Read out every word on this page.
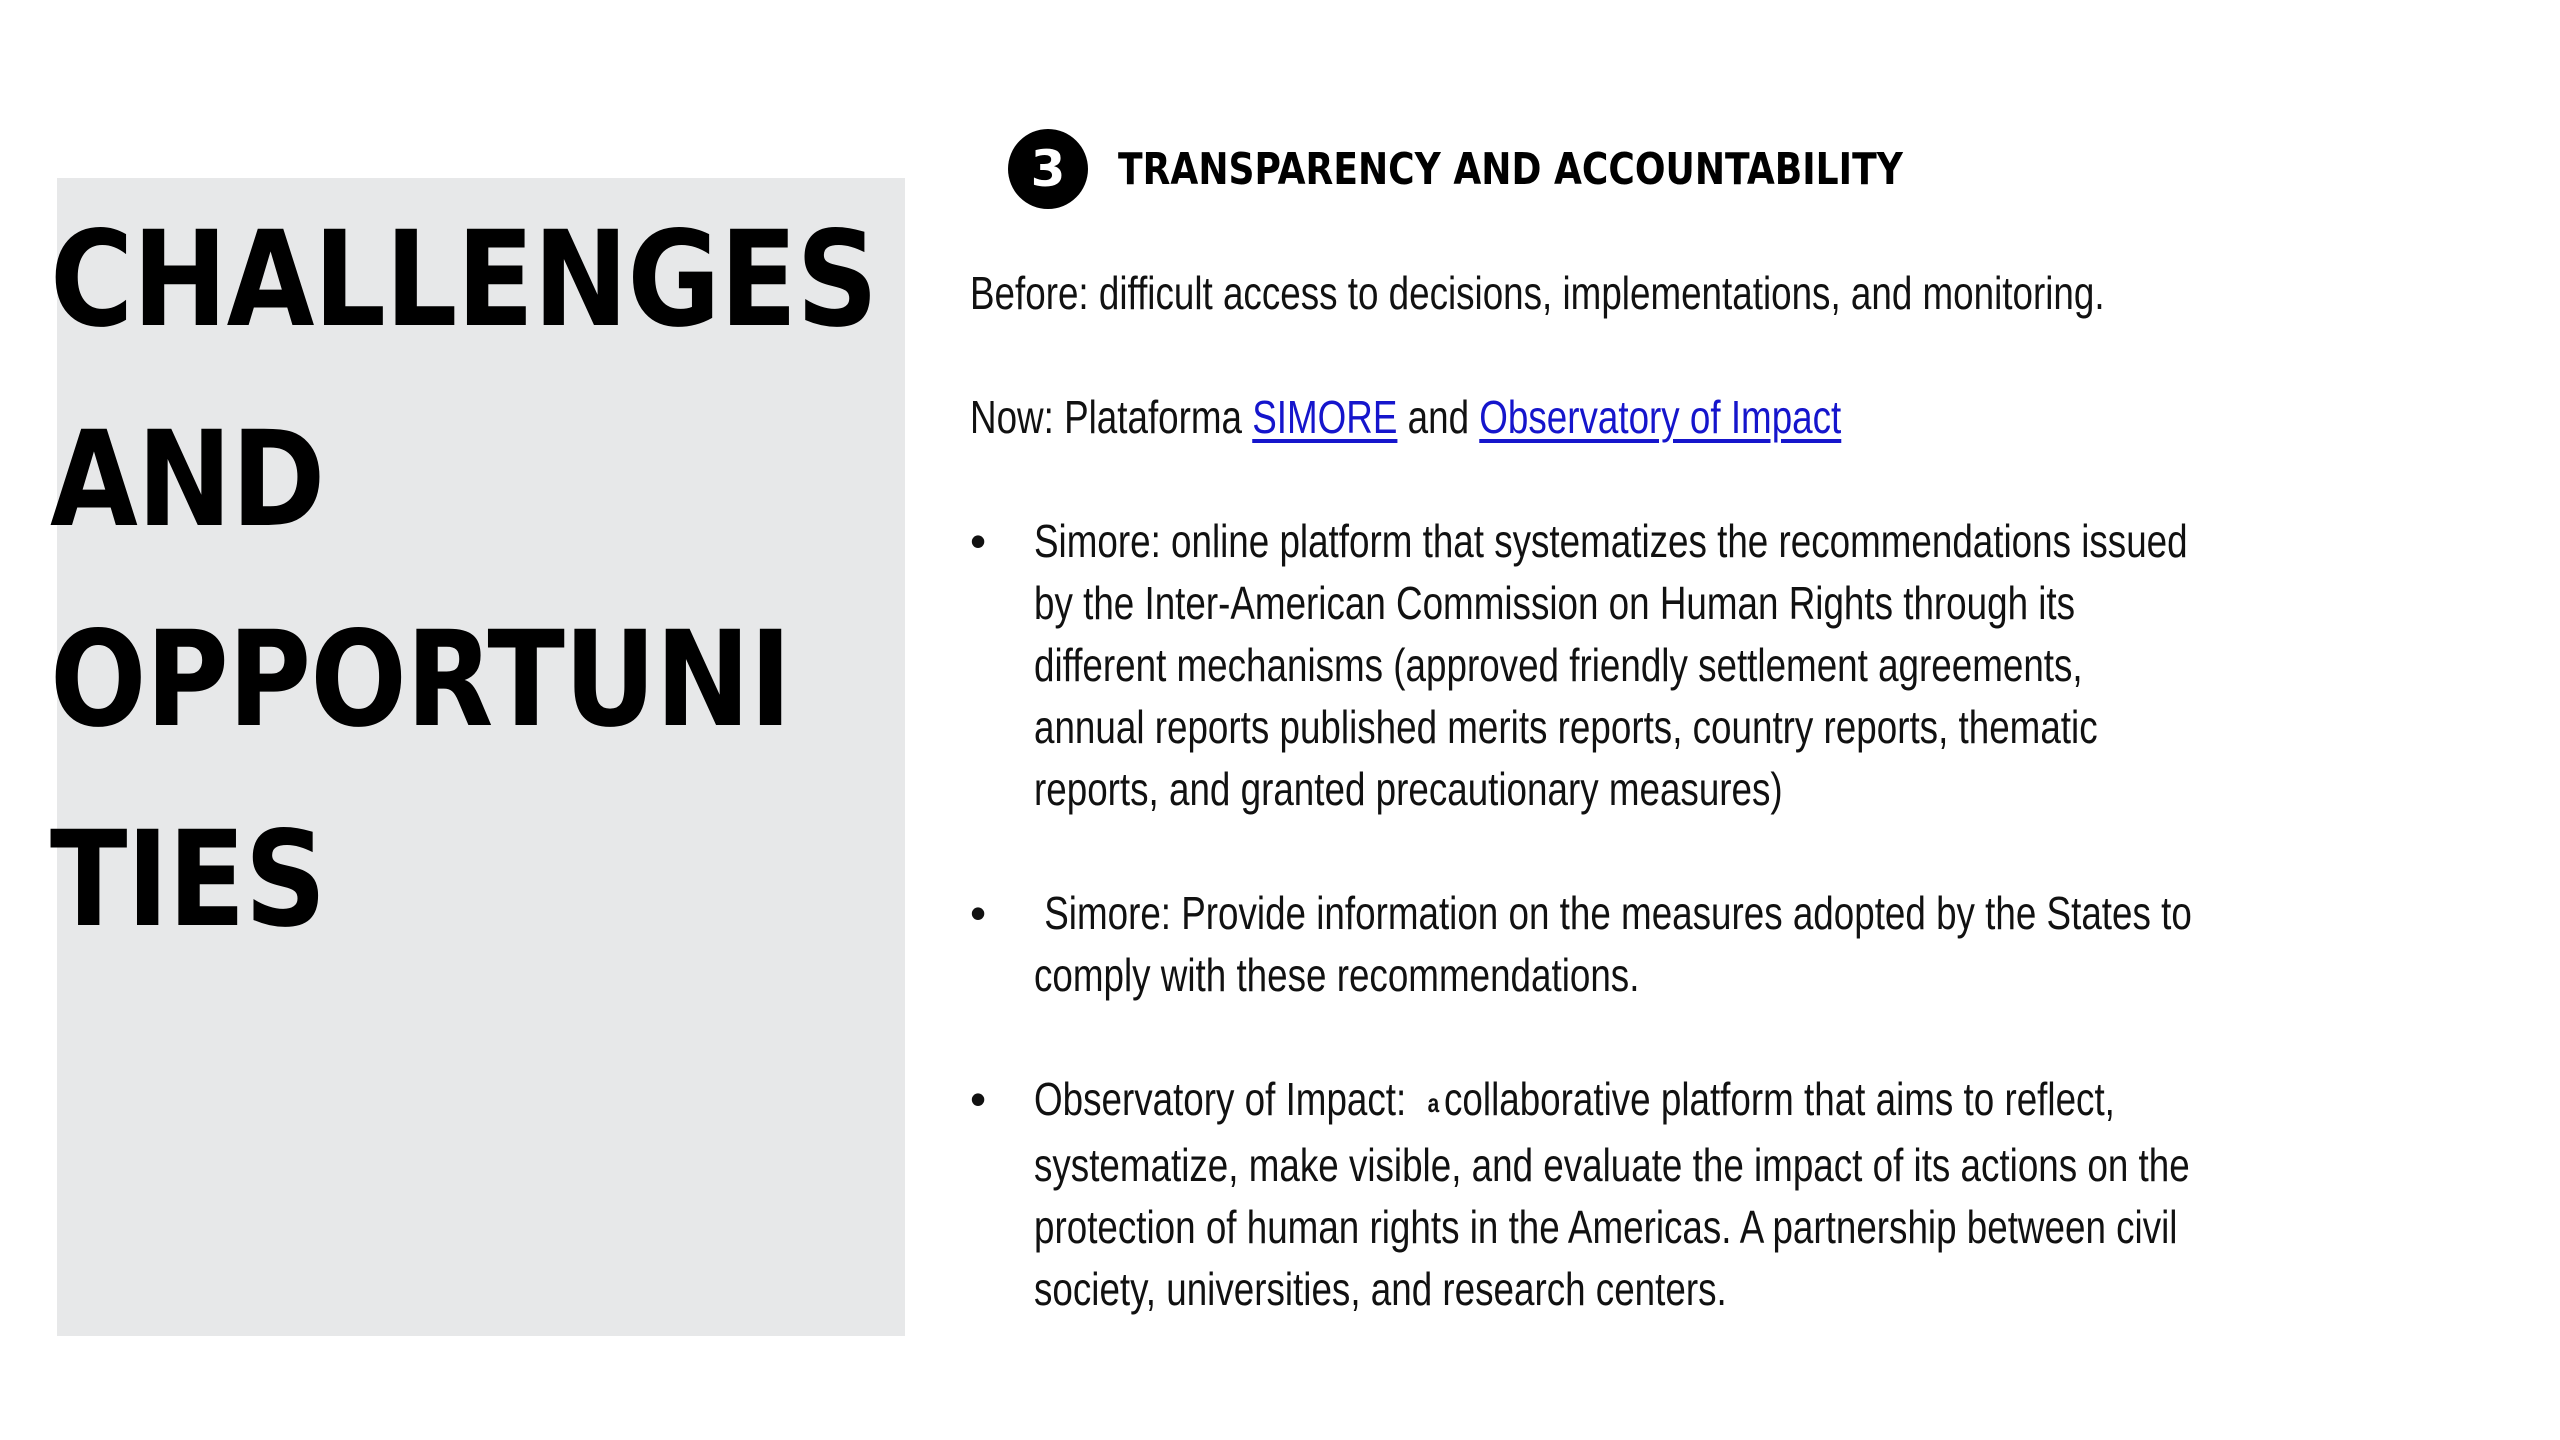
CHALLENGES
AND
OPPORTUNI
TIES
3	TRANSPARENCY AND ACCOUNTABILITY

Before: difficult access to decisions, implementations, and monitoring.

Now: Plataforma SIMORE and Observatory of Impact

•	Simore: online platform that systematizes the recommendations issued
by the Inter-American Commission on Human Rights through its
different mechanisms (approved friendly settlement agreements,
annual reports published merits reports, country reports, thematic
reports, and granted precautionary measures)
•	Simore: Provide information on the measures adopted by the States to
comply with these recommendations.
•	Observatory of Impact: a collaborative platform that aims to reflect,
systematize, make visible, and evaluate the impact of its actions on the
protection of human rights in the Americas. A partnership between civil
society, universities, and research centers.
